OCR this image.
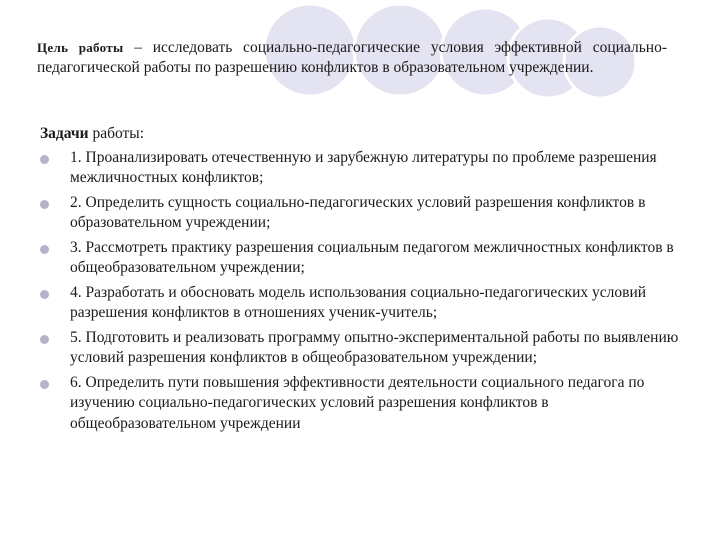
Цель работы – исследовать социально-педагогические условия эффективной социально-педагогической работы по разрешению конфликтов в образовательном учреждении.

Задачи работы:

1. Проанализировать отечественную и зарубежную литературы по проблеме разрешения межличностных конфликтов;
2. Определить сущность социально-педагогических условий разрешения конфликтов в образовательном учреждении;
3. Рассмотреть практику разрешения социальным педагогом межличностных конфликтов в общеобразовательном учреждении;
4. Разработать и обосновать модель использования социально-педагогических условий разрешения конфликтов в отношениях ученик-учитель;
5. Подготовить и реализовать программу опытно-экспериментальной работы по выявлению условий разрешения конфликтов в общеобразовательном учреждении;
6. Определить пути повышения эффективности деятельности социального педагога по изучению социально-педагогических условий разрешения конфликтов в общеобразовательном учреждении
